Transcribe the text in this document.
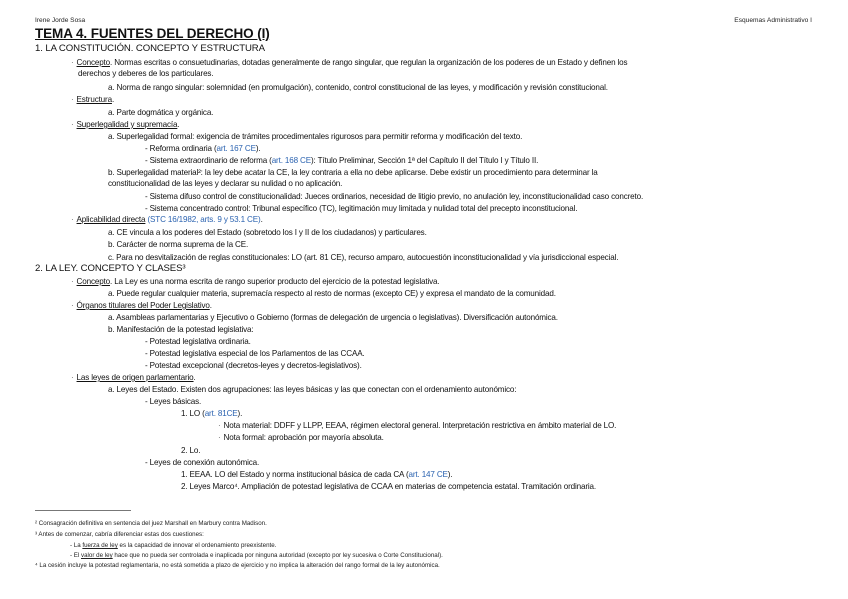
Irene Jorde Sosa	Esquemas Administrativo I
TEMA 4. FUENTES DEL DERECHO (I)
1. LA CONSTITUCIÓN. CONCEPTO Y ESTRUCTURA
· Concepto. Normas escritas o consuetudinarias, dotadas generalmente de rango singular, que regulan la organización de los poderes de un Estado y definen los
derechos y deberes de los particulares.
a. Norma de rango singular: solemnidad (en promulgación), contenido, control constitucional de las leyes, y modificación y revisión constitucional.
· Estructura.
a. Parte dogmática y orgánica.
· Superlegalidad y supremacía.
a. Superlegalidad formal: exigencia de trámites procedimentales rigurosos para permitir reforma y modificación del texto.
- Reforma ordinaria (art. 167 CE).
- Sistema extraordinario de reforma (art. 168 CE): Título Preliminar, Sección 1ª del Capítulo II del Título I y Título II.
b. Superlegalidad material²: la ley debe acatar la CE, la ley contraria a ella no debe aplicarse. Debe existir un procedimiento para determinar la
constitucionalidad de las leyes y declarar su nulidad o no aplicación.
- Sistema difuso control de constitucionalidad: Jueces ordinarios, necesidad de litigio previo, no anulación ley, inconstitucionalidad caso concreto.
- Sistema concentrado control: Tribunal específico (TC), legitimación muy limitada y nulidad total del precepto inconstitucional.
· Aplicabilidad directa (STC 16/1982, arts. 9 y 53.1 CE).
a. CE vincula a los poderes del Estado (sobretodo los I y II de los ciudadanos) y particulares.
b. Carácter de norma suprema de la CE.
c. Para no desvitalización de reglas constitucionales: LO (art. 81 CE), recurso amparo, autocuestión inconstitucionalidad y vía jurisdiccional especial.
2. LA LEY. CONCEPTO Y CLASES³
· Concepto. La Ley es una norma escrita de rango superior producto del ejercicio de la potestad legislativa.
a. Puede regular cualquier materia, supremacía respecto al resto de normas (excepto CE) y expresa el mandato de la comunidad.
· Órganos titulares del Poder Legislativo.
a. Asambleas parlamentarias y Ejecutivo o Gobierno (formas de delegación de urgencia o legislativas). Diversificación autonómica.
b. Manifestación de la potestad legislativa:
- Potestad legislativa ordinaria.
- Potestad legislativa especial de los Parlamentos de las CCAA.
- Potestad excepcional (decretos-leyes y decretos-legislativos).
· Las leyes de origen parlamentario.
a. Leyes del Estado. Existen dos agrupaciones: las leyes básicas y las que conectan con el ordenamiento autonómico:
- Leyes básicas.
1. LO (art. 81CE).
· Nota material: DDFF y LLPP, EEAA, régimen electoral general. Interpretación restrictiva en ámbito material de LO.
· Nota formal: aprobación por mayoría absoluta.
2. Lo.
- Leyes de conexión autonómica.
1. EEAA. LO del Estado y norma institucional básica de cada CA (art. 147 CE).
2. Leyes Marco⁴. Ampliación de potestad legislativa de CCAA en materias de competencia estatal. Tramitación ordinaria.
² Consagración definitiva en sentencia del juez Marshall en Marbury contra Madison.
³ Antes de comenzar, cabría diferenciar estas dos cuestiones:
- La fuerza de ley es la capacidad de innovar el ordenamiento preexistente.
- El valor de ley hace que no pueda ser controlada e inaplicada por ninguna autoridad (excepto por ley sucesiva o Corte Constitucional).
⁴ La cesión incluye la potestad reglamentaria, no está sometida a plazo de ejercicio y no implica la alteración del rango formal de la ley autonómica.
